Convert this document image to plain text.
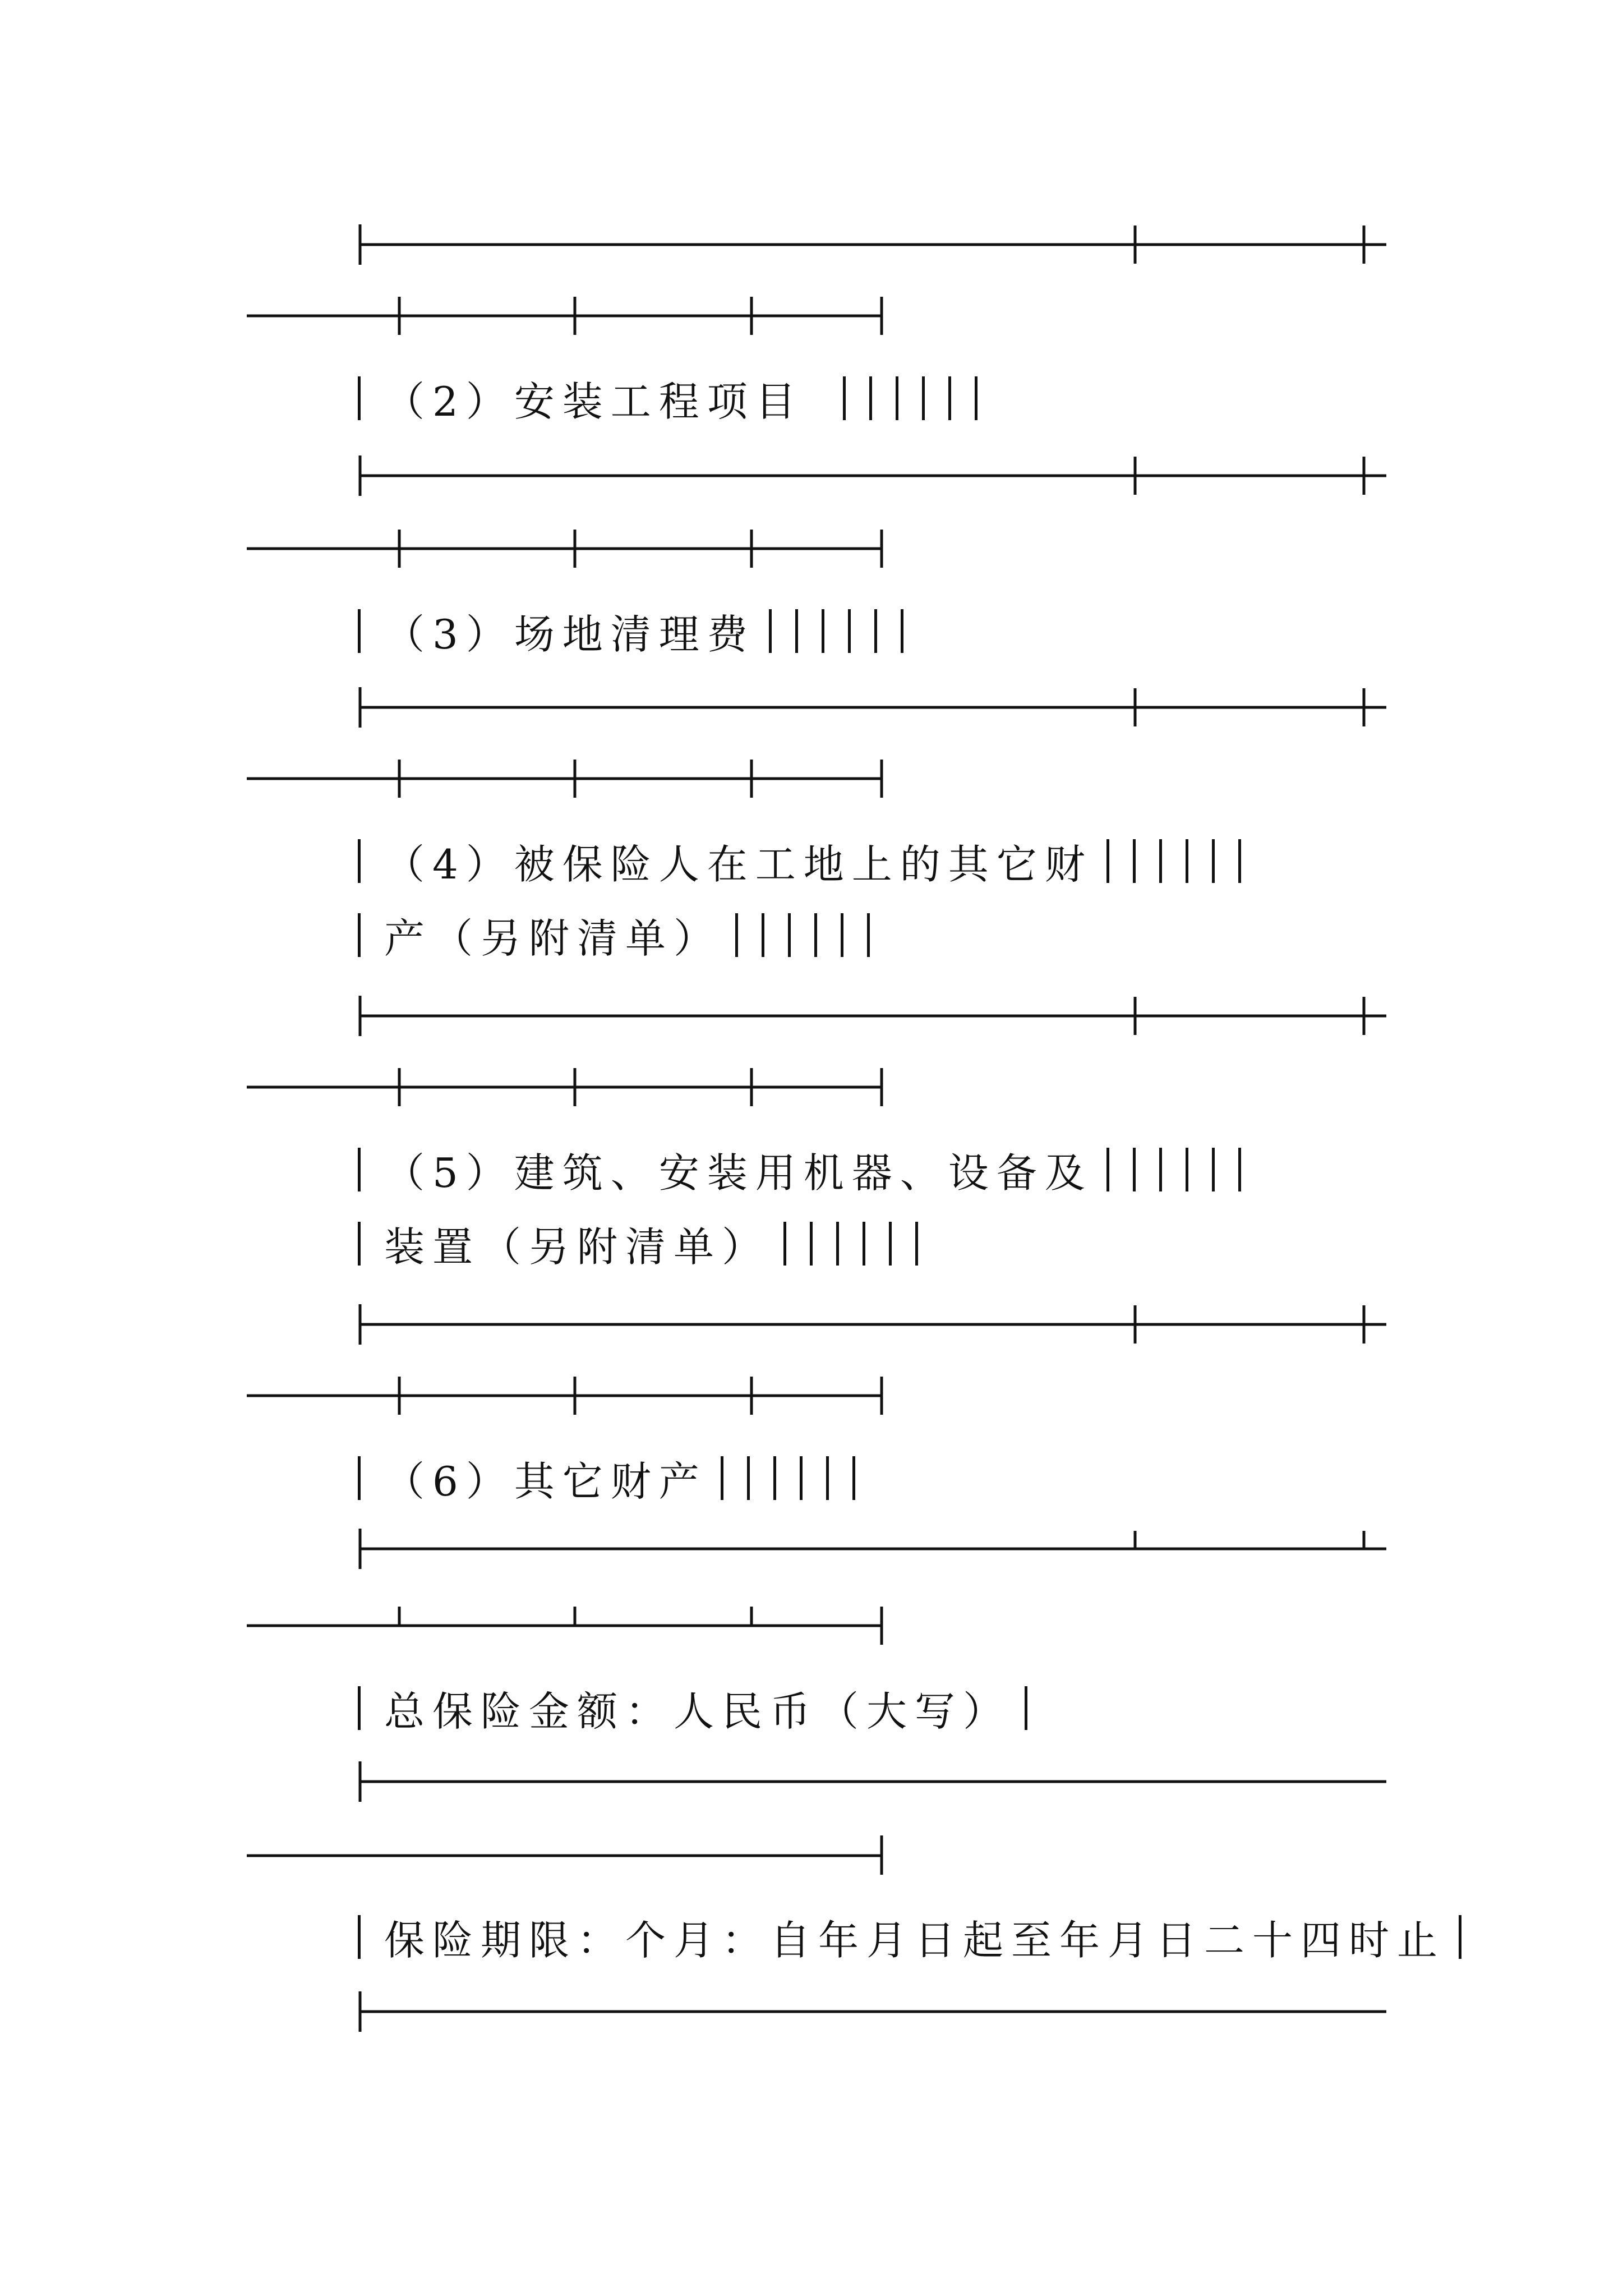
（2）安装工程项目
（3）场地清理费
（4）被保险人在工地上的其它财
产（另附清单）
（5）建筑、安装用机器、设备及
装置（另附清单）
（6）其它财产
总保险金额：人民币（大写）
保险期限：个月：自年月日起至年月日二十四时止
